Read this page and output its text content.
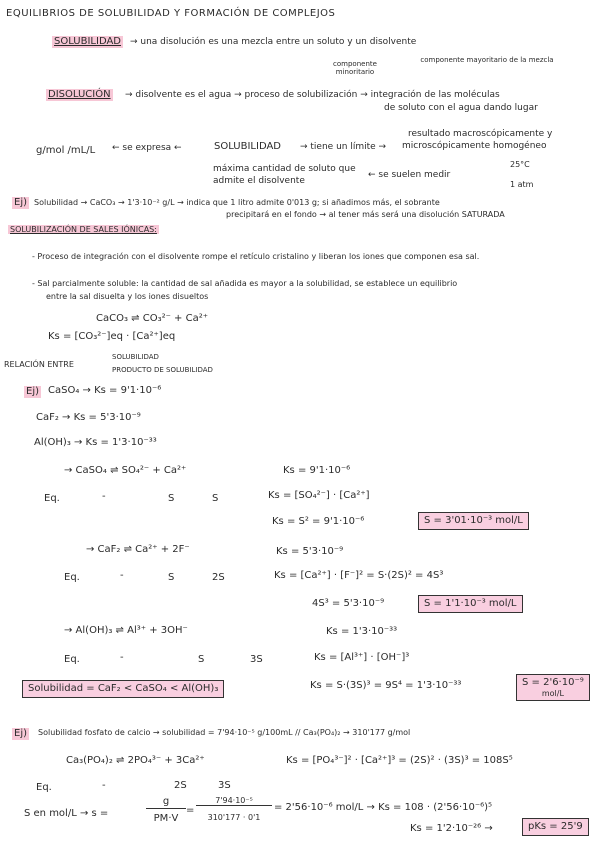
EQUILIBRIOS DE SOLUBILIDAD Y FORMACIÓN DE COMPLEJOS
SOLUBILIDAD → una disolución es una mezcla entre un soluto y un disolvente
componente minoritario
componente mayoritario de la mezcla
DISOLUCIÓN → disolvente es el agua → proceso de solubilización → integración de las moléculas
de soluto con el agua dando lugar
resultado macroscópicamente y
microscópicamente homogéneo
g/mol /mL/L ← se expresa ←	SOLUBILIDAD → tiene un límite →
máxima cantidad de soluto que
admite el disolvente
← se suelen medir
25°C
1 atm
Ej) Solubilidad → CaCO₃ → 1'3·10⁻² g/L → indica que 1 litro admite 0'013 g; si añadimos más, el sobrante
precipitará en el fondo → al tener más será una disolución SATURADA
SOLUBILIZACIÓN DE SALES IÓNICAS:
- Proceso de integración con el disolvente rompe el retículo cristalino y liberan los iones que componen esa sal.
- Sal parcialmente soluble: la cantidad de sal añadida es mayor a la solubilidad, se establece un equilibrio
entre la sal disuelta y los iones disueltos
CaCO₃ ⇌ CO₃²⁻ + Ca²⁺
Ks = [CO₃²⁻]eq · [Ca²⁺]eq
RELACIÓN ENTRE
SOLUBILIDAD
PRODUCTO DE SOLUBILIDAD
Ej) CaSO₄ → Ks = 9'1·10⁻⁶
CaF₂ → Ks = 5'3·10⁻⁹
Al(OH)₃ → Ks = 1'3·10⁻³³
→ CaSO₄ ⇌ SO₄²⁻ + Ca²⁺	Ks = 9'1·10⁻⁶
Eq.	-	S	S	Ks = [SO₄²⁻] · [Ca²⁺]
Ks = S² = 9'1·10⁻⁶	S = 3'01·10⁻³ mol/L
→ CaF₂ ⇌ Ca²⁺ + 2F⁻	Ks = 5'3·10⁻⁹
Eq.	-	S	2S	Ks = [Ca²⁺] · [F⁻]² = S·(2S)² = 4S³
4S³ = 5'3·10⁻⁹	S = 1'1·10⁻³ mol/L
→ Al(OH)₃ ⇌ Al³⁺ + 3OH⁻	Ks = 1'3·10⁻³³
Eq.	-	S	3S	Ks = [Al³⁺] · [OH⁻]³
Ks = S·(3S)³ = 9S⁴ = 1'3·10⁻³³	S = 2'6·10⁻⁹
mol/L
Solubilidad = CaF₂ < CaSO₄ < Al(OH)₃
Ej) Solubilidad fosfato de calcio → solubilidad = 7'94·10⁻⁵ g/100mL // Ca₃(PO₄)₂ → 310'177 g/mol
Ca₃(PO₄)₂ ⇌ 2PO₄³⁻ + 3Ca²⁺	Ks = [PO₄³⁻]² · [Ca²⁺]³ = (2S)² · (3S)³ = 108S⁵
Eq.	-	2S	3S
S en mol/L → s =
g
PM·V
=
7'94·10⁻⁵
310'177 · 0'1
= 2'56·10⁻⁶ mol/L → Ks = 108 · (2'56·10⁻⁶)⁵
Ks = 1'2·10⁻²⁶ →	pKs = 25'9
